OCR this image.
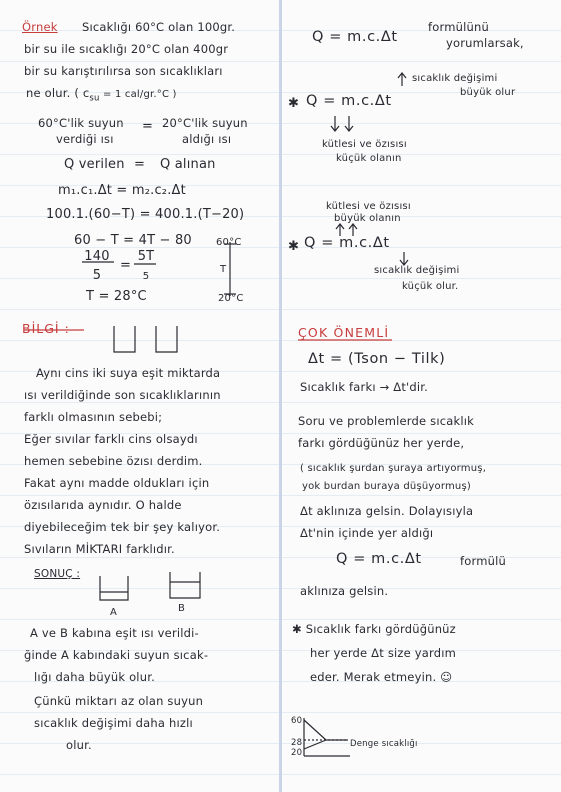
Örnek Sıcaklığı 60°C olan 100gr.
bir su ile sıcaklığı 20°C olan 400gr
bir su karıştırılırsa son sıcaklıkları
ne olur. ( $c_{su} = 1$ cal/gr.°C )
60°C'lik suyun
verdiği ısı
= 20°C'lik suyun
aldığı ısı
Q verilen = Q alınan
m₁.c₁.Δt = m₂.c₂.Δt
100.1.(60−T) = 400.1.(T−20)
60 − T = 4T − 80
140
5
=
5T
5
T = 28°C
60°C
T
20°C
BİLGİ :
Aynı cins iki suya eşit miktarda
ısı verildiğinde son sıcaklıklarının
farklı olmasının sebebi;
Eğer sıvılar farklı cins olsaydı
hemen sebebine özısı derdim.
Fakat aynı madde oldukları için
özısılarıda aynıdır. O halde
diyebileceğim tek bir şey kalıyor.
Sıvıların MİKTARI farklıdır.
SONUÇ :
A	B
A ve B kabına eşit ısı verildi-
ğinde A kabındaki suyun sıcak-
lığı daha büyük olur.
Çünkü miktarı az olan suyun
sıcaklık değişimi daha hızlı
olur.
Q = m.c.Δt
formülünü
yorumlarsak,
sıcaklık değişimi
büyük olur
✱ Q = m.c.Δt
kütlesi ve özısısı
küçük olanın
kütlesi ve özısısı
büyük olanın
✱ Q = m.c.Δt
sıcaklık değişimi
küçük olur.
ÇOK ÖNEMLİ
Δt = (Tson − Tilk)
Sıcaklık farkı → Δt'dir.
Soru ve problemlerde sıcaklık
farkı gördüğünüz her yerde,
( sıcaklık şurdan şuraya artıyormuş,
yok burdan buraya düşüyormuş)
Δt aklınıza gelsin. Dolayısıyla
Δt'nin içinde yer aldığı
Q = m.c.Δt	formülü
aklınıza gelsin.
✱ Sıcaklık farkı gördüğünüz
her yerde Δt size yardım
eder. Merak etmeyin. ☺
60
28
20
Denge sıcaklığı
